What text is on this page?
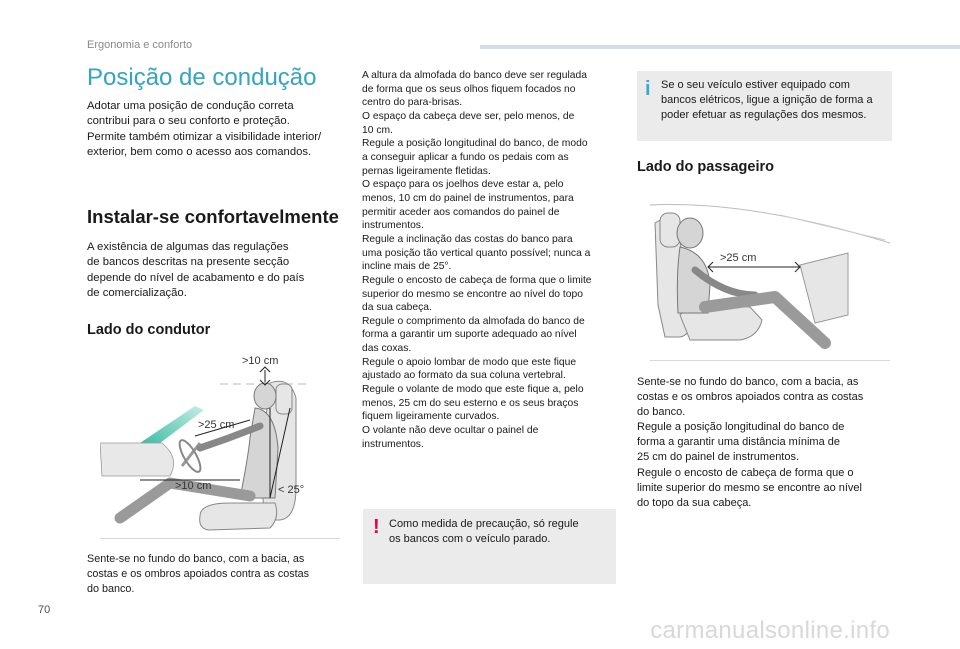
Ergonomia e conforto
Posição de condução
Adotar uma posição de condução correta
contribui para o seu conforto e proteção.
Permite também otimizar a visibilidade interior/
exterior, bem como o acesso aos comandos.
Instalar-se confortavelmente
A existência de algumas das regulações
de bancos descritas na presente secção
depende do nível de acabamento e do país
de comercialização.
Lado do condutor
>10 cm
>25 cm
>10 cm	< 25°
Sente-se no fundo do banco, com a bacia, as
costas e os ombros apoiados contra as costas
do banco.
A altura da almofada do banco deve ser regulada
de forma que os seus olhos fiquem focados no
centro do para-brisas.
O espaço da cabeça deve ser, pelo menos, de
10 cm.
Regule a posição longitudinal do banco, de modo
a conseguir aplicar a fundo os pedais com as
pernas ligeiramente fletidas.
O espaço para os joelhos deve estar a, pelo
menos, 10 cm do painel de instrumentos, para
permitir aceder aos comandos do painel de
instrumentos.
Regule a inclinação das costas do banco para
uma posição tão vertical quanto possível; nunca a
incline mais de 25°.
Regule o encosto de cabeça de forma que o limite
superior do mesmo se encontre ao nível do topo
da sua cabeça.
Regule o comprimento da almofada do banco de
forma a garantir um suporte adequado ao nível
das coxas.
Regule o apoio lombar de modo que este fique
ajustado ao formato da sua coluna vertebral.
Regule o volante de modo que este fique a, pelo
menos, 25 cm do seu esterno e os seus braços
fiquem ligeiramente curvados.
O volante não deve ocultar o painel de
instrumentos.
! Como medida de precaução, só regule
os bancos com o veículo parado.
i Se o seu veículo estiver equipado com
bancos elétricos, ligue a ignição de forma a
poder efetuar as regulações dos mesmos.
Lado do passageiro
>25 cm
Sente-se no fundo do banco, com a bacia, as
costas e os ombros apoiados contra as costas
do banco.
Regule a posição longitudinal do banco de
forma a garantir uma distância mínima de
25 cm do painel de instrumentos.
Regule o encosto de cabeça de forma que o
limite superior do mesmo se encontre ao nível
do topo da sua cabeça.
70
carmanualsonline.info
